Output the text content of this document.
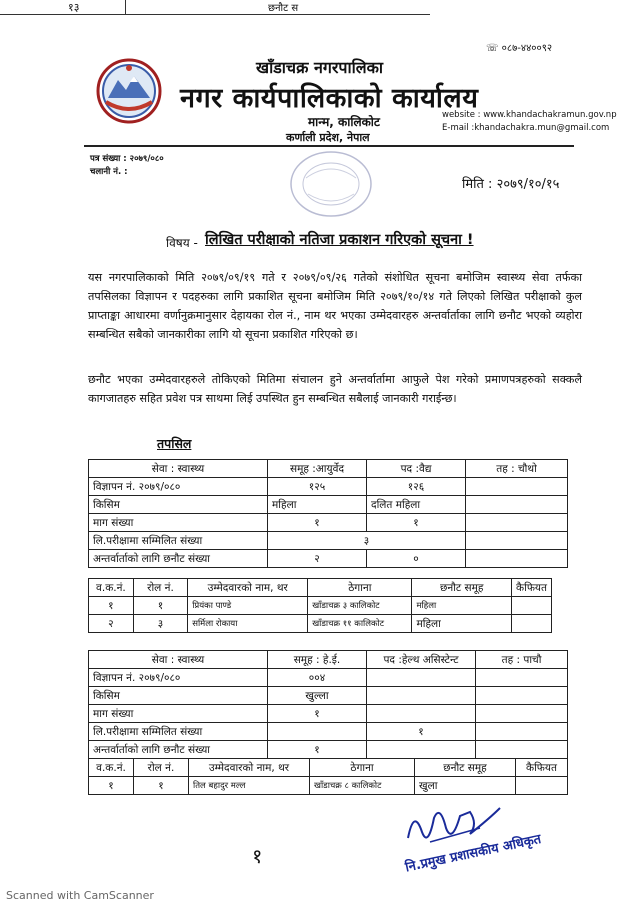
१३	छनौट स
☏ ०८७-४४००९२
खाँडाचक्र नगरपालिका
नगर कार्यपालिकाको कार्यालय
मान्म, कालिकोट
कर्णाली प्रदेश, नेपाल
website : www.khandachakramun.gov.np
E-mail :khandachakra.mun@gmail.com
पत्र संख्या : २०७९/०८०
चलानी नं. :
मिति : २०७९/१०/१५
विषय - लिखित परीक्षाको नतिजा प्रकाशन गरिएको सूचना !
यस नगरपालिकाको मिति २०७९/०९/१९ गते र २०७९/०९/२६ गतेको संशोधित सूचना बमोजिम स्वास्थ्य सेवा तर्फका तपसिलका विज्ञापन र पदहरुका लागि प्रकाशित सूचना बमोजिम मिति २०७९/१०/१४ गते लिएको लिखित परीक्षाको कुल प्राप्ताङ्का आधारमा वर्णानुक्रमानुसार देहायका रोल नं., नाम थर भएका उम्मेदवारहरु अन्तर्वार्ताका लागि छनौट भएको व्यहोरा सम्बन्धित सबैको जानकारीका लागि यो सूचना प्रकाशित गरिएको छ।
छनौट भएका उम्मेदवारहरुले तोकिएको मितिमा संचालन हुने अन्तर्वार्तामा आफुले पेश गरेको प्रमाणपत्रहरुको सक्कलै कागजातहरु सहित प्रवेश पत्र साथमा लिई उपस्थित हुन सम्बन्धित सबैलाई जानकारी गराईन्छ।
तपसिल
सेवा : स्वास्थ्य	समूह :आयुर्वेद	पद :वैद्य	तह : चौथो
विज्ञापन नं. २०७९/०८०	१२५	१२६	
किसिम	महिला	दलित महिला	
माग संख्या	१	१	
लि.परीक्षामा सम्मिलित संख्या	३		
अन्तर्वार्ताको लागि छनौट संख्या	२	०	
व.क.नं.	रोल नं.	उम्मेदवारको नाम, थर	ठेगाना	छनौट समूह	कैफियत
१	१	प्रियंका पाण्डे	खाँडाचक्र ३ कालिकोट	महिला	
२	३	सर्मिला रोकाया	खाँडाचक्र ११ कालिकोट	महिला	
सेवा : स्वास्थ्य	समूह : हे.ई.	पद :हेल्थ असिस्टेन्ट	तह : पाचौ
विज्ञापन नं. २०७९/०८०	००४		
किसिम	खुल्ला		
माग संख्या	१		
लि.परीक्षामा सम्मिलित संख्या		१	
अन्तर्वार्ताको लागि छनौट संख्या	१		
व.क.नं.	रोल नं.	उम्मेदवारको नाम, थर	ठेगाना	छनौट समूह	कैफियत
१	१	तिल बहादुर मल्ल	खाँडाचक्र ८ कालिकोट	खुला	
१	नि.प्रमुख प्रशासकीय अधिकृत
Scanned with CamScanner
